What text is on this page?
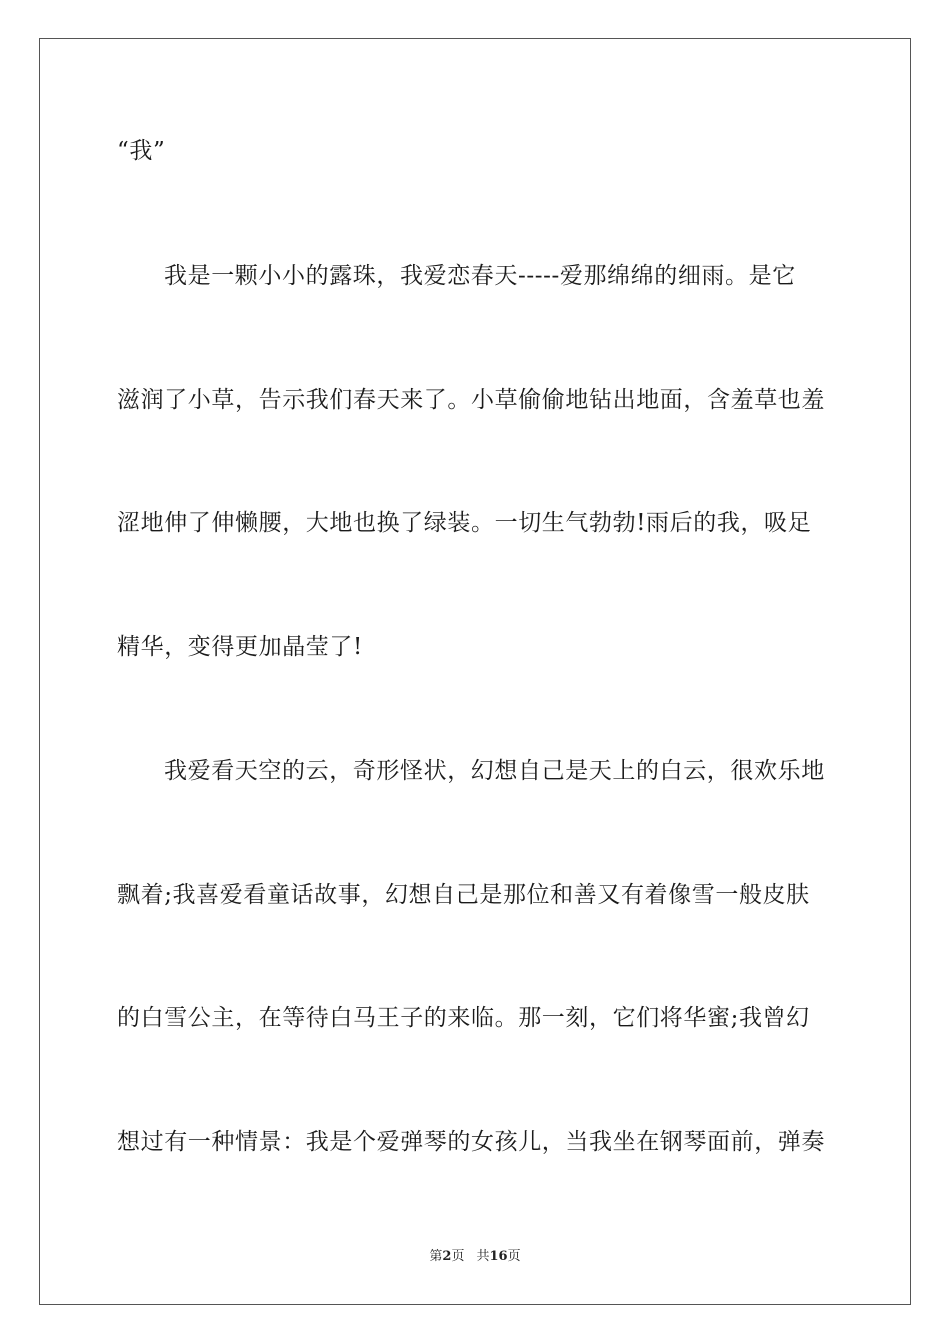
“我”
我是一颗小小的露珠，我爱恋春天-----爱那绵绵的细雨。是它
滋润了小草，告示我们春天来了。小草偷偷地钻出地面，含羞草也羞
涩地伸了伸懒腰，大地也换了绿装。一切生气勃勃!雨后的我，吸足
精华，变得更加晶莹了!
我爱看天空的云，奇形怪状，幻想自己是天上的白云，很欢乐地
飘着;我喜爱看童话故事，幻想自己是那位和善又有着像雪一般皮肤
的白雪公主，在等待白马王子的来临。那一刻，它们将华蜜;我曾幻
想过有一种情景：我是个爱弹琴的女孩儿，当我坐在钢琴面前，弹奏
第2页 共16页
